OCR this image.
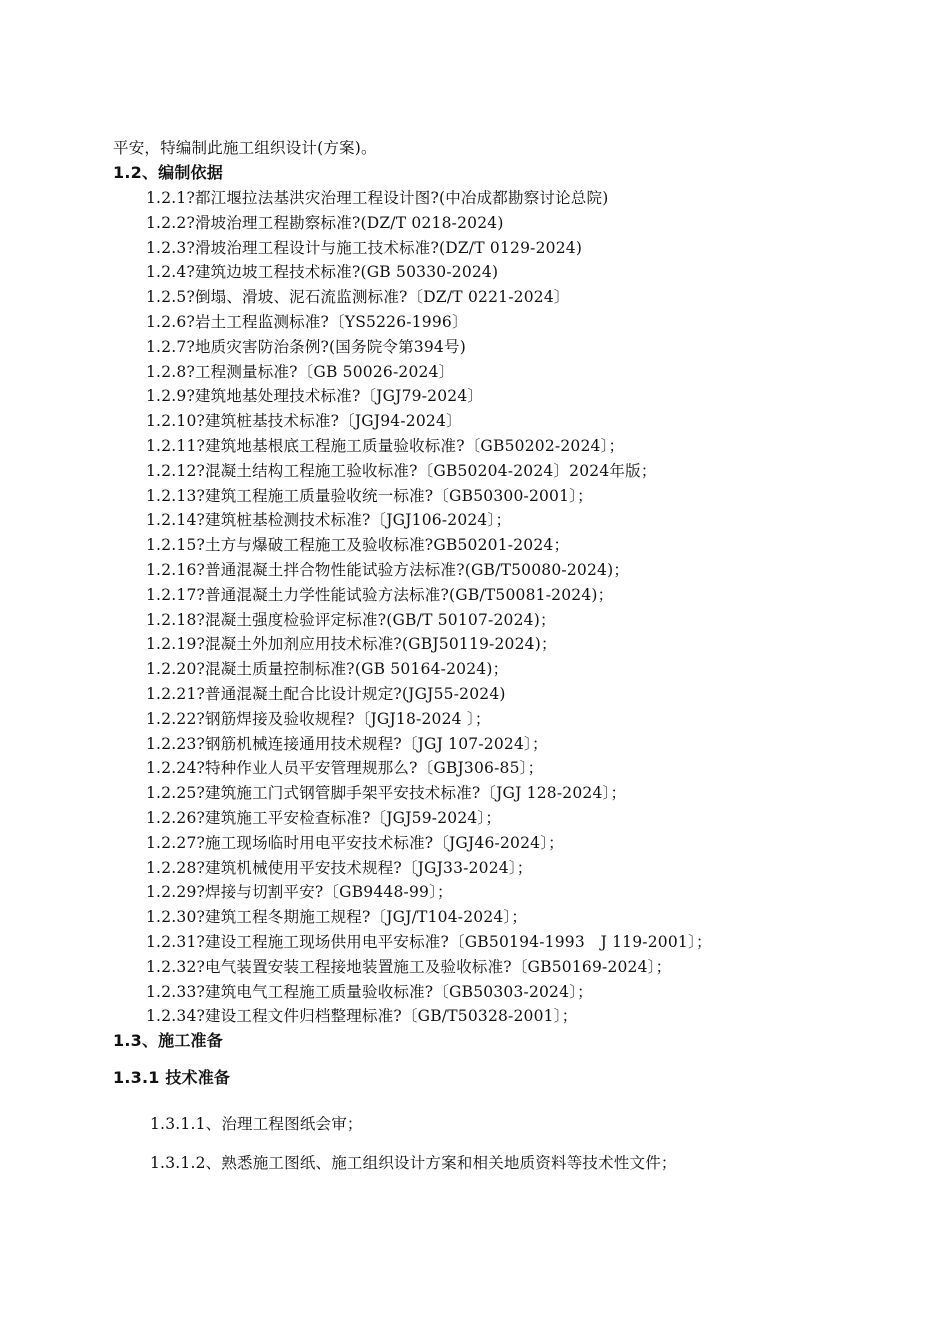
平安，特编制此施工组织设计(方案)。
1.2、编制依据
1.2.1?都江堰拉法基洪灾治理工程设计图?(中冶成都勘察讨论总院)
1.2.2?滑坡治理工程勘察标准?(DZ/T 0218-2024)
1.2.3?滑坡治理工程设计与施工技术标准?(DZ/T 0129-2024)
1.2.4?建筑边坡工程技术标准?(GB 50330-2024)
1.2.5?倒塌、滑坡、泥石流监测标准?〔DZ/T 0221-2024〕
1.2.6?岩土工程监测标准?〔YS5226-1996〕
1.2.7?地质灾害防治条例?(国务院令第394号)
1.2.8?工程测量标准?〔GB 50026-2024〕
1.2.9?建筑地基处理技术标准?〔JGJ79-2024〕
1.2.10?建筑桩基技术标准?〔JGJ94-2024〕
1.2.11?建筑地基根底工程施工质量验收标准?〔GB50202-2024〕；
1.2.12?混凝土结构工程施工验收标准?〔GB50204-2024〕2024年版；
1.2.13?建筑工程施工质量验收统一标准?〔GB50300-2001〕；
1.2.14?建筑桩基检测技术标准?〔JGJ106-2024〕；
1.2.15?土方与爆破工程施工及验收标准?GB50201-2024；
1.2.16?普通混凝土拌合物性能试验方法标准?(GB/T50080-2024)；
1.2.17?普通混凝土力学性能试验方法标准?(GB/T50081-2024)；
1.2.18?混凝土强度检验评定标准?(GB/T 50107-2024)；
1.2.19?混凝土外加剂应用技术标准?(GBJ50119-2024)；
1.2.20?混凝土质量控制标准?(GB 50164-2024)；
1.2.21?普通混凝土配合比设计规定?(JGJ55-2024)
1.2.22?钢筋焊接及验收规程?〔JGJ18-2024 〕；
1.2.23?钢筋机械连接通用技术规程?〔JGJ 107-2024〕；
1.2.24?特种作业人员平安管理规那么?〔GBJ306-85〕；
1.2.25?建筑施工门式钢管脚手架平安技术标准?〔JGJ 128-2024〕；
1.2.26?建筑施工平安检查标准?〔JGJ59-2024〕；
1.2.27?施工现场临时用电平安技术标准?〔JGJ46-2024〕；
1.2.28?建筑机械使用平安技术规程?〔JGJ33-2024〕；
1.2.29?焊接与切割平安?〔GB9448-99〕；
1.2.30?建筑工程冬期施工规程?〔JGJ/T104-2024〕；
1.2.31?建设工程施工现场供用电平安标准?〔GB50194-1993　J 119-2001〕；
1.2.32?电气装置安装工程接地装置施工及验收标准?〔GB50169-2024〕；
1.2.33?建筑电气工程施工质量验收标准?〔GB50303-2024〕；
1.2.34?建设工程文件归档整理标准?〔GB/T50328-2001〕；
1.3、施工准备
1.3.1 技术准备
1.3.1.1、治理工程图纸会审；
1.3.1.2、熟悉施工图纸、施工组织设计方案和相关地质资料等技术性文件；
